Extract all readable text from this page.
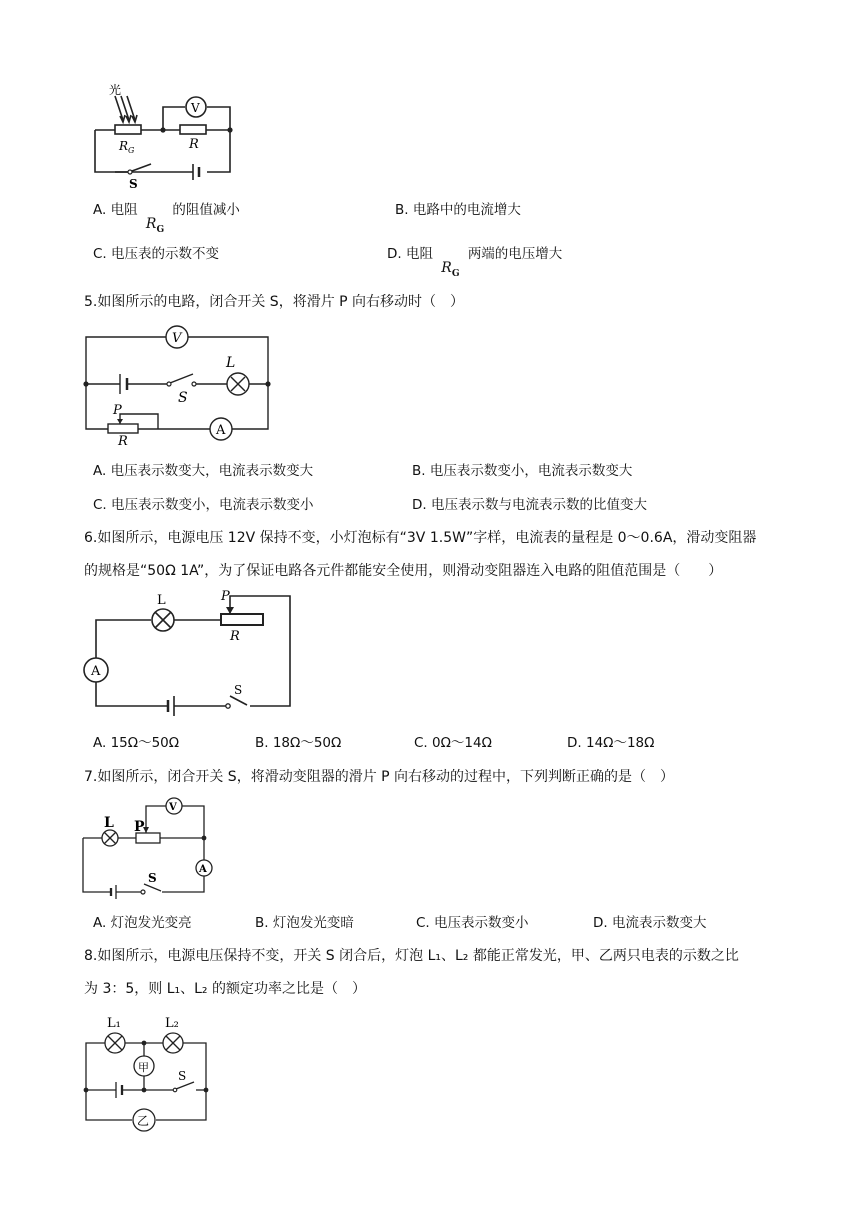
光
V
$R_G$	R
S
A. 电阻 $R_G$ 的阻值减小	B. 电路中的电流增大
C. 电压表的示数不变	D. 电阻 $R_G$ 两端的电压增大
5.如图所示的电路，闭合开关 S，将滑片 P 向右移动时（　）
V
L
S
P
R
A
A. 电压表示数变大，电流表示数变大	B. 电压表示数变小，电流表示数变大
C. 电压表示数变小，电流表示数变小	D. 电压表示数与电流表示数的比值变大
6.如图所示，电源电压 12V 保持不变，小灯泡标有“3V 1.5W”字样，电流表的量程是 0～0.6A，滑动变阻器
的规格是“50Ω 1A”，为了保证电路各元件都能安全使用，则滑动变阻器连入电路的阻值范围是（　　）
L	P
R
A
S
A. 15Ω～50Ω	B. 18Ω～50Ω	C. 0Ω～14Ω	D. 14Ω～18Ω
7.如图所示，闭合开关 S，将滑动变阻器的滑片 P 向右移动的过程中，下列判断正确的是（　）
L P
V
A
S
A. 灯泡发光变亮	B. 灯泡发光变暗	C. 电压表示数变小	D. 电流表示数变大
8.如图所示，电源电压保持不变，开关 S 闭合后，灯泡 L₁、L₂ 都能正常发光，甲、乙两只电表的示数之比
为 3：5，则 L₁、L₂ 的额定功率之比是（　）
L₁	L₂
甲
S
乙
